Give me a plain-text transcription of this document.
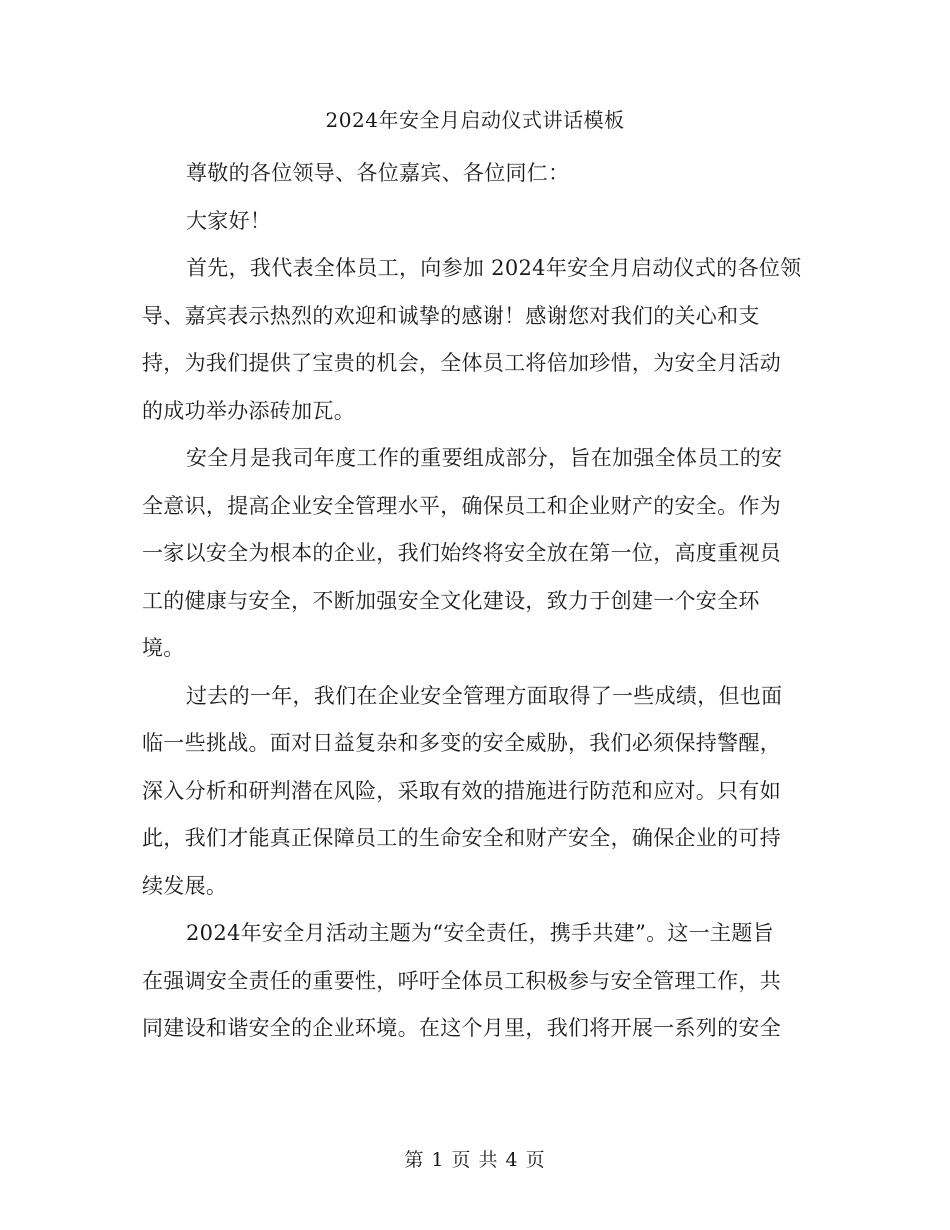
2024年安全月启动仪式讲话模板
尊敬的各位领导、各位嘉宾、各位同仁：
大家好！
首先，我代表全体员工，向参加 2024年安全月启动仪式的各位领
导、嘉宾表示热烈的欢迎和诚挚的感谢！感谢您对我们的关心和支
持，为我们提供了宝贵的机会，全体员工将倍加珍惜，为安全月活动
的成功举办添砖加瓦。
安全月是我司年度工作的重要组成部分，旨在加强全体员工的安
全意识，提高企业安全管理水平，确保员工和企业财产的安全。作为
一家以安全为根本的企业，我们始终将安全放在第一位，高度重视员
工的健康与安全，不断加强安全文化建设，致力于创建一个安全环
境。
过去的一年，我们在企业安全管理方面取得了一些成绩，但也面
临一些挑战。面对日益复杂和多变的安全威胁，我们必须保持警醒，
深入分析和研判潜在风险，采取有效的措施进行防范和应对。只有如
此，我们才能真正保障员工的生命安全和财产安全，确保企业的可持
续发展。
2024年安全月活动主题为“安全责任，携手共建”。这一主题旨
在强调安全责任的重要性，呼吁全体员工积极参与安全管理工作，共
同建设和谐安全的企业环境。在这个月里，我们将开展一系列的安全
第 1 页 共 4 页
